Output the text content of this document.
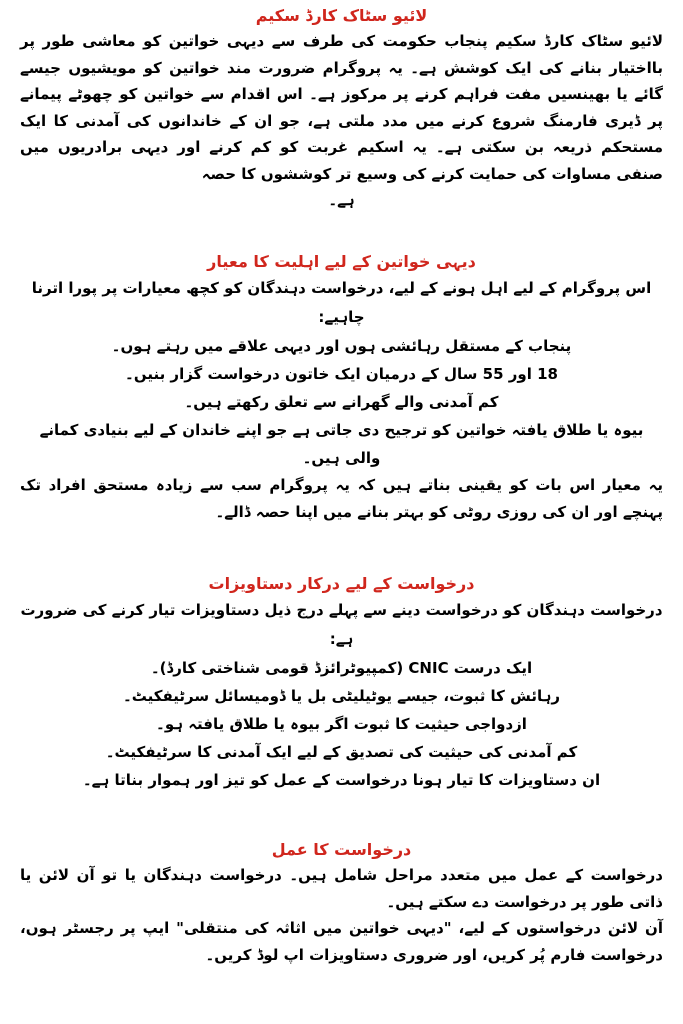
لائیو سٹاک کارڈ سکیم

لائیو سٹاک کارڈ سکیم پنجاب حکومت کی طرف سے دیہی خواتین کو معاشی طور پر بااختیار بنانے کی ایک کوشش ہے۔ یہ پروگرام ضرورت مند خواتین کو مویشیوں جیسے گائے یا بھینسیں مفت فراہم کرنے پر مرکوز ہے۔ اس اقدام سے خواتین کو چھوٹے پیمانے پر ڈیری فارمنگ شروع کرنے میں مدد ملتی ہے، جو ان کے خاندانوں کی آمدنی کا ایک مستحکم ذریعہ بن سکتی ہے۔ یہ اسکیم غربت کو کم کرنے اور دیہی برادریوں میں صنفی مساوات کی حمایت کرنے کی وسیع تر کوششوں کا حصہ

ہے۔

دیہی خواتین کے لیے اہلیت کا معیار

اس پروگرام کے لیے اہل ہونے کے لیے، درخواست دہندگان کو کچھ معیارات پر پورا اترنا چاہیے:

پنجاب کے مستقل رہائشی ہوں اور دیہی علاقے میں رہتے ہوں۔
18 اور 55 سال کے درمیان ایک خاتون درخواست گزار بنیں۔
کم آمدنی والے گھرانے سے تعلق رکھتے ہیں۔
بیوہ یا طلاق یافتہ خواتین کو ترجیح دی جاتی ہے جو اپنے خاندان کے لیے بنیادی کمانے والی ہیں۔

یہ معیار اس بات کو یقینی بناتے ہیں کہ یہ پروگرام سب سے زیادہ مستحق افراد تک پہنچے اور ان کی روزی روٹی کو بہتر بنانے میں اپنا حصہ ڈالے۔

درخواست کے لیے درکار دستاویزات

درخواست دہندگان کو درخواست دینے سے پہلے درج ذیل دستاویزات تیار کرنے کی ضرورت ہے:

ایک درست CNIC (کمپیوٹرائزڈ قومی شناختی کارڈ)۔
رہائش کا ثبوت، جیسے یوٹیلیٹی بل یا ڈومیسائل سرٹیفکیٹ۔
ازدواجی حیثیت کا ثبوت اگر بیوہ یا طلاق یافتہ ہو۔
کم آمدنی کی حیثیت کی تصدیق کے لیے ایک آمدنی کا سرٹیفکیٹ۔
ان دستاویزات کا تیار ہونا درخواست کے عمل کو تیز اور ہموار بناتا ہے۔
درخواست کا عمل

درخواست کے عمل میں متعدد مراحل شامل ہیں۔ درخواست دہندگان یا تو آن لائن یا ذاتی طور پر درخواست دے سکتے ہیں۔

آن لائن درخواستوں کے لیے، "دیہی خواتین میں اثاثہ کی منتقلی" ایپ پر رجسٹر ہوں، درخواست فارم پُر کریں، اور ضروری دستاویزات اپ لوڈ کریں۔
